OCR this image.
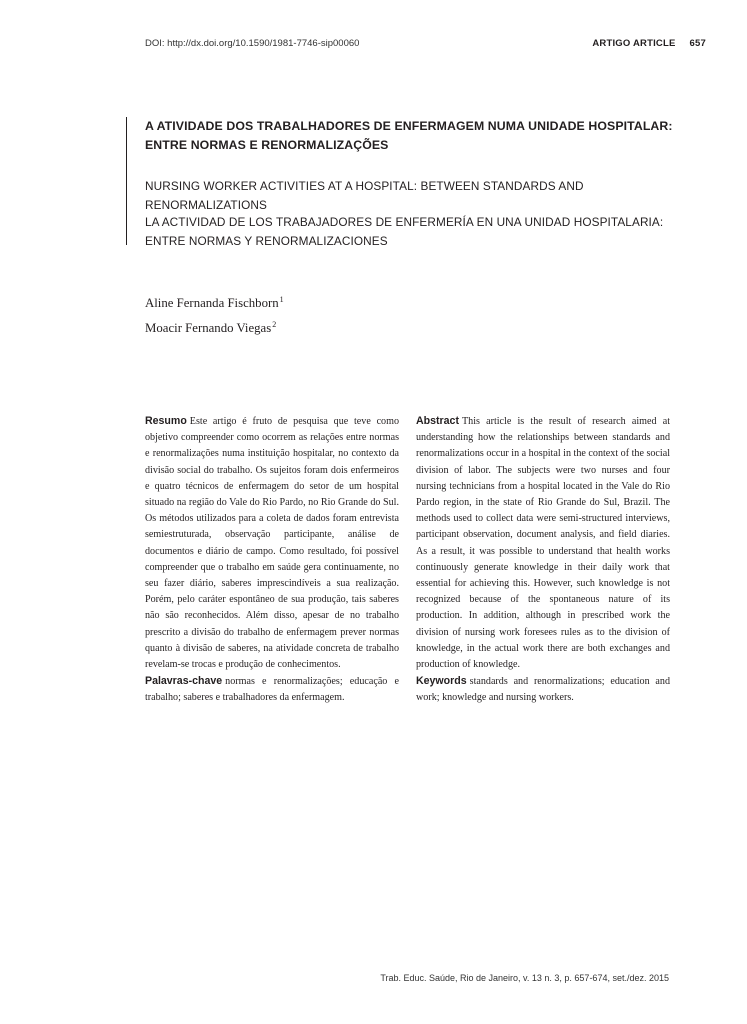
DOI: http://dx.doi.org/10.1590/1981-7746-sip00060	ARTIGO ARTICLE 657
A ATIVIDADE DOS TRABALHADORES DE ENFERMAGEM NUMA UNIDADE HOSPITALAR: ENTRE NORMAS E RENORMALIZAÇÕES
NURSING WORKER ACTIVITIES AT A HOSPITAL: BETWEEN STANDARDS AND RENORMALIZATIONS
LA ACTIVIDAD DE LOS TRABAJADORES DE ENFERMERÍA EN UNA UNIDAD HOSPITALARIA: ENTRE NORMAS Y RENORMALIZACIONES
Aline Fernanda Fischborn$^1$
Moacir Fernando Viegas$^2$

Resumo Este artigo é fruto de pesquisa que teve como objetivo compreender como ocorrem as relações entre normas e renormalizações numa instituição hospitalar, no contexto da divisão social do trabalho. Os sujeitos foram dois enfermeiros e quatro técnicos de enfermagem do setor de um hospital situado na região do Vale do Rio Pardo, no Rio Grande do Sul. Os métodos utilizados para a coleta de dados foram entrevista semiestruturada, observação participante, análise de documentos e diário de campo. Como resultado, foi possível compreender que o trabalho em saúde gera continuamente, no seu fazer diário, saberes imprescindíveis a sua realização. Porém, pelo caráter espontâneo de sua produção, tais saberes não são reconhecidos. Além disso, apesar de no trabalho prescrito a divisão do trabalho de enfermagem prever normas quanto à divisão de saberes, na atividade concreta de trabalho revelam-se trocas e produção de conhecimentos.

Palavras-chave normas e renormalizações; educação e trabalho; saberes e trabalhadores da enfermagem.

Abstract This article is the result of research aimed at understanding how the relationships between standards and renormalizations occur in a hospital in the context of the social division of labor. The subjects were two nurses and four nursing technicians from a hospital located in the Vale do Rio Pardo region, in the state of Rio Grande do Sul, Brazil. The methods used to collect data were semi-structured interviews, participant observation, document analysis, and field diaries. As a result, it was possible to understand that health works continuously generate knowledge in their daily work that essential for achieving this. However, such knowledge is not recognized because of the spontaneous nature of its production. In addition, although in prescribed work the division of nursing work foresees rules as to the division of knowledge, in the actual work there are both exchanges and production of knowledge.

Keywords standards and renormalizations; education and work; knowledge and nursing workers.

Trab. Educ. Saúde, Rio de Janeiro, v. 13 n. 3, p. 657-674, set./dez. 2015
